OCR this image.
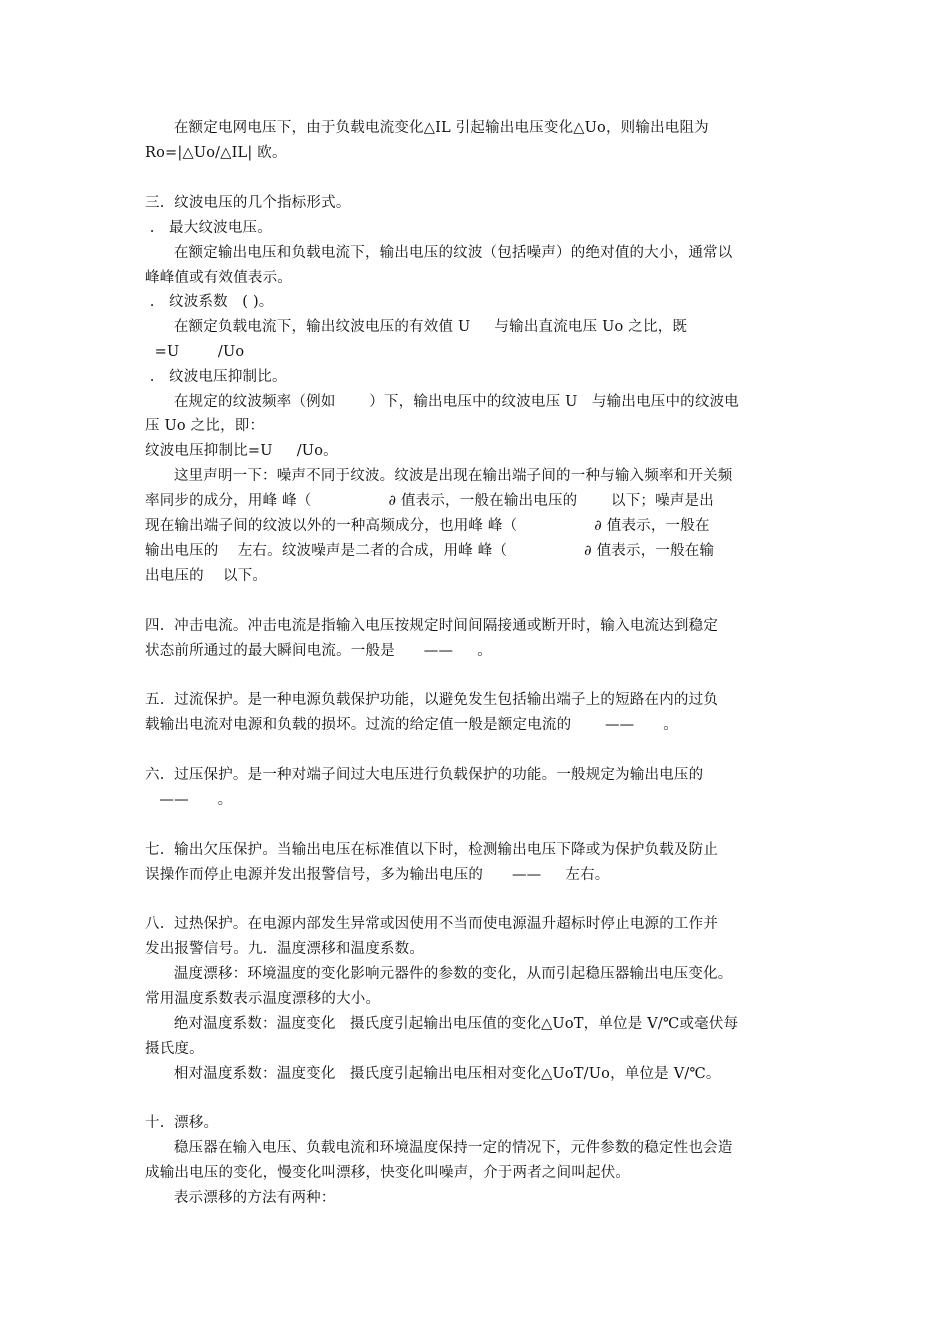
在额定电网电压下，由于负载电流变化△IL 引起输出电压变化△Uo，则输出电阻为
Ro=|△Uo/△IL| 欧。
三.  纹波电压的几个指标形式。
.   最大纹波电压。
在额定输出电压和负载电流下，输出电压的纹波（包括噪声）的绝对值的大小，通常以
峰峰值或有效值表示。
.   纹波系数   ( )。
在额定负载电流下，输出纹波电压的有效值 U     与输出直流电压 Uo 之比，既
=U        /Uo
.   纹波电压抑制比。
在规定的纹波频率（例如       ）下，输出电压中的纹波电压 U   与输出电压中的纹波电
压 Uo 之比，即：
纹波电压抑制比=U     /Uo。
这里声明一下：噪声不同于纹波。纹波是出现在输出端子间的一种与输入频率和开关频
率同步的成分，用峰 峰（                ∂ 值表示，一般在输出电压的       以下；噪声是出
现在输出端子间的纹波以外的一种高频成分，也用峰 峰（                ∂ 值表示，一般在
输出电压的    左右。纹波噪声是二者的合成，用峰 峰（                ∂ 值表示，一般在输
出电压的    以下。
四.  冲击电流。冲击电流是指输入电压按规定时间间隔接通或断开时，输入电流达到稳定
状态前所通过的最大瞬间电流。一般是      ——     。
五.  过流保护。是一种电源负载保护功能，以避免发生包括输出端子上的短路在内的过负
载输出电流对电源和负载的损坏。过流的给定值一般是额定电流的       ——      。
六.  过压保护。是一种对端子间过大电压进行负载保护的功能。一般规定为输出电压的
——      。
七.  输出欠压保护。当输出电压在标准值以下时，检测输出电压下降或为保护负载及防止
误操作而停止电源并发出报警信号，多为输出电压的      ——     左右。
八.  过热保护。在电源内部发生异常或因使用不当而使电源温升超标时停止电源的工作并
发出报警信号。九.  温度漂移和温度系数。
温度漂移：环境温度的变化影响元器件的参数的变化，从而引起稳压器输出电压变化。
常用温度系数表示温度漂移的大小。
绝对温度系数：温度变化   摄氏度引起输出电压值的变化△UoT，单位是 V/℃或毫伏每
摄氏度。
相对温度系数：温度变化   摄氏度引起输出电压相对变化△UoT/Uo，单位是 V/℃。
十.  漂移。
稳压器在输入电压、负载电流和环境温度保持一定的情况下，元件参数的稳定性也会造
成输出电压的变化，慢变化叫漂移，快变化叫噪声，介于两者之间叫起伏。
表示漂移的方法有两种：
